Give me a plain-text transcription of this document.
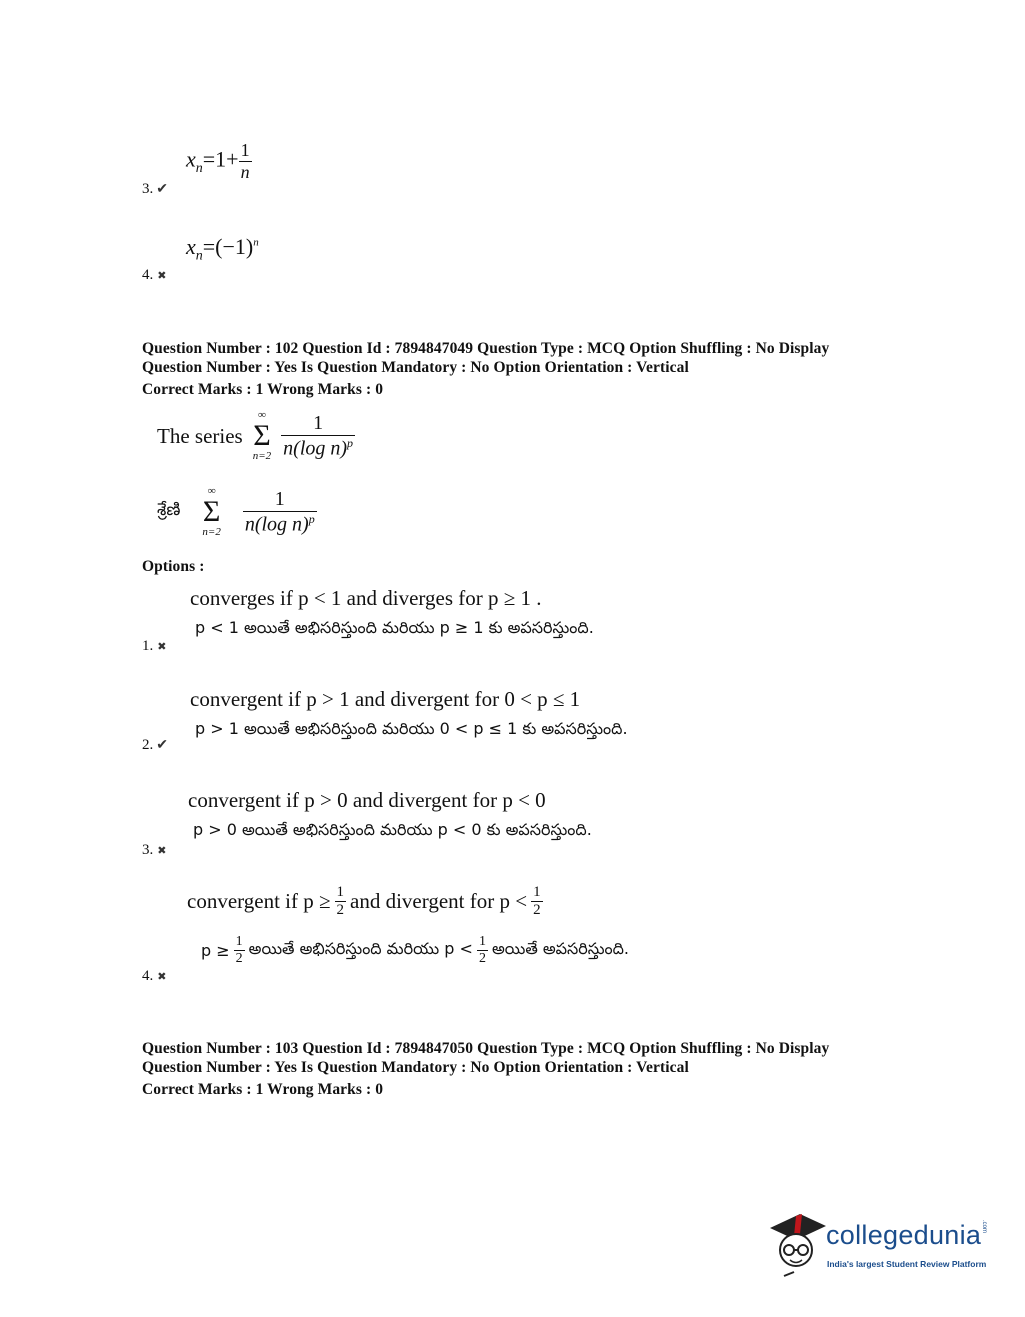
$x_n=1+ \frac{1}{n}$
3. ✔
$x_n=(-1)^n$
4. ✖
Question Number : 102 Question Id : 7894847049 Question Type : MCQ Option Shuffling : No Display
Question Number : Yes Is Question Mandatory : No Option Orientation : Vertical
Correct Marks : 1 Wrong Marks : 0
The series
∞
Σ
$n=2 \frac{1}{n(\log n)^p}$
శ్రేణి
∞
Σ
$n=2 \frac{1}{n(\log n)^p}$
Options :
converges if p < 1 and diverges for p ≥ 1 .
p < 1 అయితే అభిసరిస్తుంది మరియు p ≥ 1 కు అపసరిస్తుంది.
1. ✖
convergent if p > 1 and divergent for 0 < p ≤ 1
p > 1 అయితే అభిసరిస్తుంది మరియు 0 < p ≤ 1 కు అపసరిస్తుంది.
2. ✔
convergent if p > 0 and divergent for p < 0
p > 0 అయితే అభిసరిస్తుంది మరియు p < 0 కు అపసరిస్తుంది.
3. ✖
convergent if $p \ge \frac{1}{2}$ and divergent for $p < \frac{1}{2}$
$p \ge \frac{1}{2}$ అయితే అభిసరిస్తుంది మరియు $p < \frac{1}{2}$ అయితే అపసరిస్తుంది.
4. ✖
Question Number : 103 Question Id : 7894847050 Question Type : MCQ Option Shuffling : No Display
Question Number : Yes Is Question Mandatory : No Option Orientation : Vertical
Correct Marks : 1 Wrong Marks : 0
collegedunia.com
India's largest Student Review Platform
